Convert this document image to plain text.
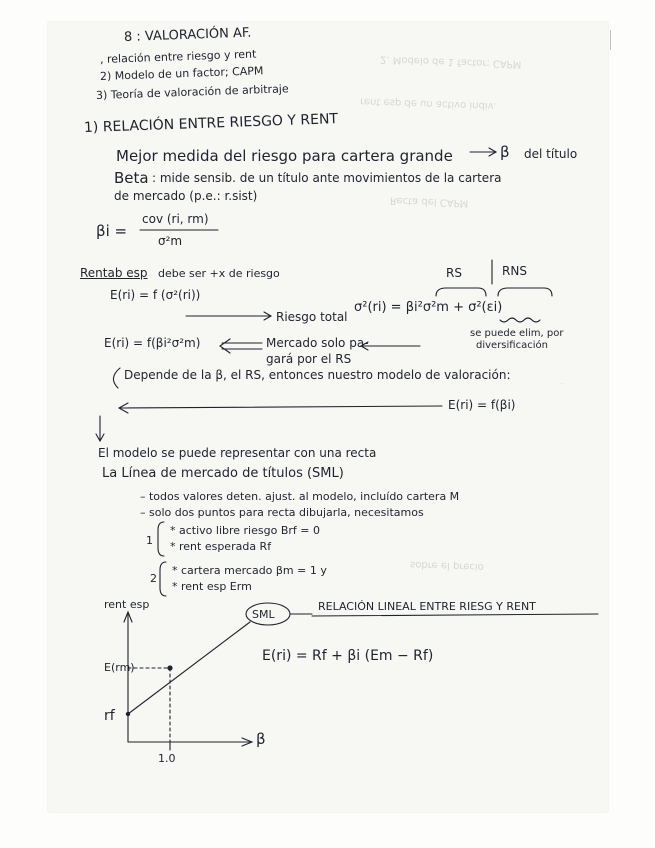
2. Modelo de 1 factor: CAPM
rent esp de un activo indiv.
Recta del CAPM
.
sobre el precio
8 : VALORACIÓN AF.
, relación entre riesgo y rent
2) Modelo de un factor; CAPM
3) Teoría de valoración de arbitraje
1) RELACIÓN ENTRE RIESGO Y RENT
Mejor medida del riesgo para cartera grande	β del título
Beta : mide sensib. de un título ante movimientos de la cartera
de mercado (p.e.: r.sist)
βi =
cov (ri, rm)
σ²m
Rentab esp debe ser +x de riesgo	RS	RNS
E(ri) = f (σ²(ri))
Riesgo total
σ²(ri) = βi²σ²m + σ²(εi)
se puede elim, por
diversificación
E(ri) = f(βi²σ²m)	Mercado solo pa-
gará por el RS
Depende de la β, el RS, entonces nuestro modelo de valoración:
E(ri) = f(βi)
El modelo se puede representar con una recta
La Línea de mercado de títulos (SML)
– todos valores deten. ajust. al modelo, incluído cartera M
– solo dos puntos para recta dibujarla, necesitamos
1
* activo libre riesgo Brf = 0
* rent esperada Rf
2
* cartera mercado βm = 1 y
* rent esp Erm
RELACIÓN LINEAL ENTRE RIESG Y RENT
E(ri) = Rf + βi (Em − Rf)
rent esp
SML
E(rm)
rf
1.0
β
